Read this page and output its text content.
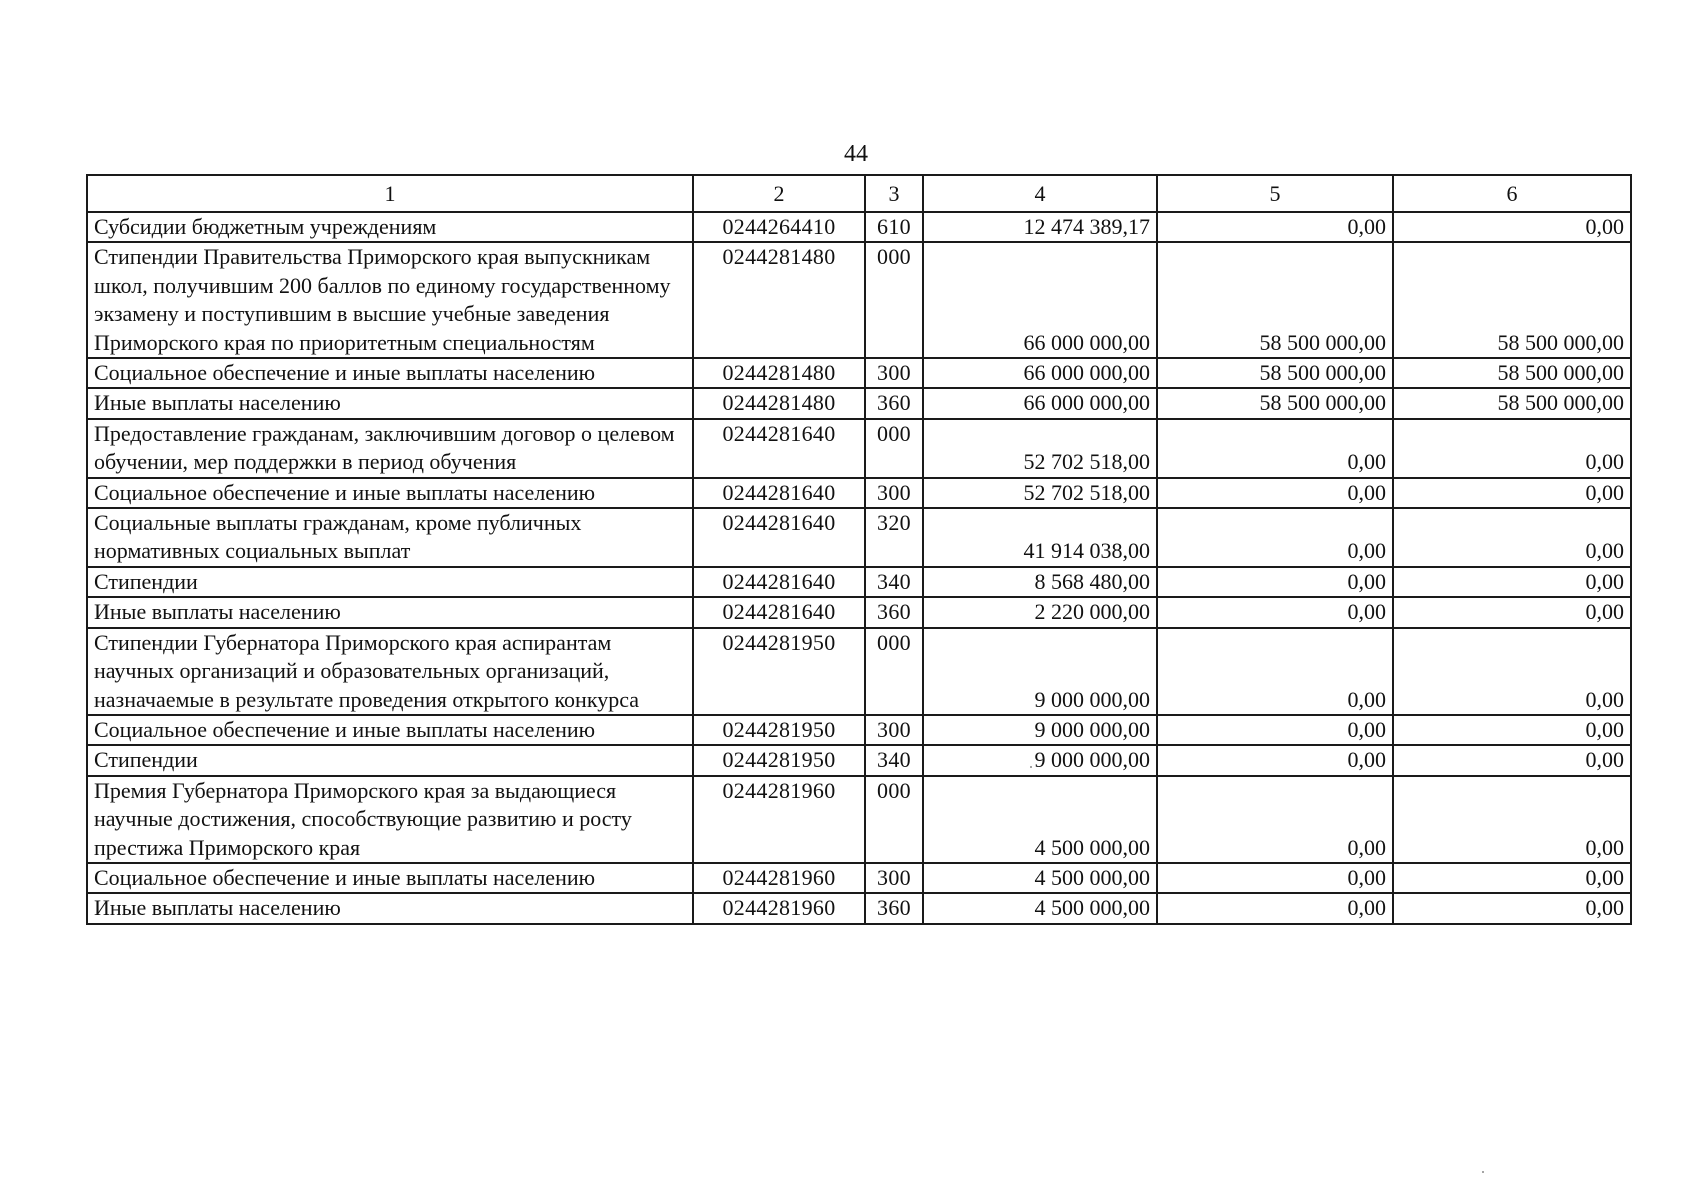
44
1	2	3	4	5	6
Субсидии бюджетным учреждениям	0244264410	610	12 474 389,17	0,00	0,00
Стипендии Правительства Приморского края выпускникам школ, получившим 200 баллов по единому государственному экзамену и поступившим в высшие учебные заведения Приморского края по приоритетным специальностям	0244281480	000	66 000 000,00	58 500 000,00	58 500 000,00
Социальное обеспечение и иные выплаты населению	0244281480	300	66 000 000,00	58 500 000,00	58 500 000,00
Иные выплаты населению	0244281480	360	66 000 000,00	58 500 000,00	58 500 000,00
Предоставление гражданам, заключившим договор о целевом обучении, мер поддержки в период обучения	0244281640	000	52 702 518,00	0,00	0,00
Социальное обеспечение и иные выплаты населению	0244281640	300	52 702 518,00	0,00	0,00
Социальные выплаты гражданам, кроме публичных нормативных социальных выплат	0244281640	320	41 914 038,00	0,00	0,00
Стипендии	0244281640	340	8 568 480,00	0,00	0,00
Иные выплаты населению	0244281640	360	2 220 000,00	0,00	0,00
Стипендии Губернатора Приморского края аспирантам научных организаций и образовательных организаций, назначаемые в результате проведения открытого конкурса	0244281950	000	9 000 000,00	0,00	0,00
Социальное обеспечение и иные выплаты населению	0244281950	300	9 000 000,00	0,00	0,00
Стипендии	0244281950	340	9 000 000,00	0,00	0,00
Премия Губернатора Приморского края за выдающиеся научные достижения, способствующие развитию и росту престижа Приморского края	0244281960	000	4 500 000,00	0,00	0,00
Социальное обеспечение и иные выплаты населению	0244281960	300	4 500 000,00	0,00	0,00
Иные выплаты населению	0244281960	360	4 500 000,00	0,00	0,00
